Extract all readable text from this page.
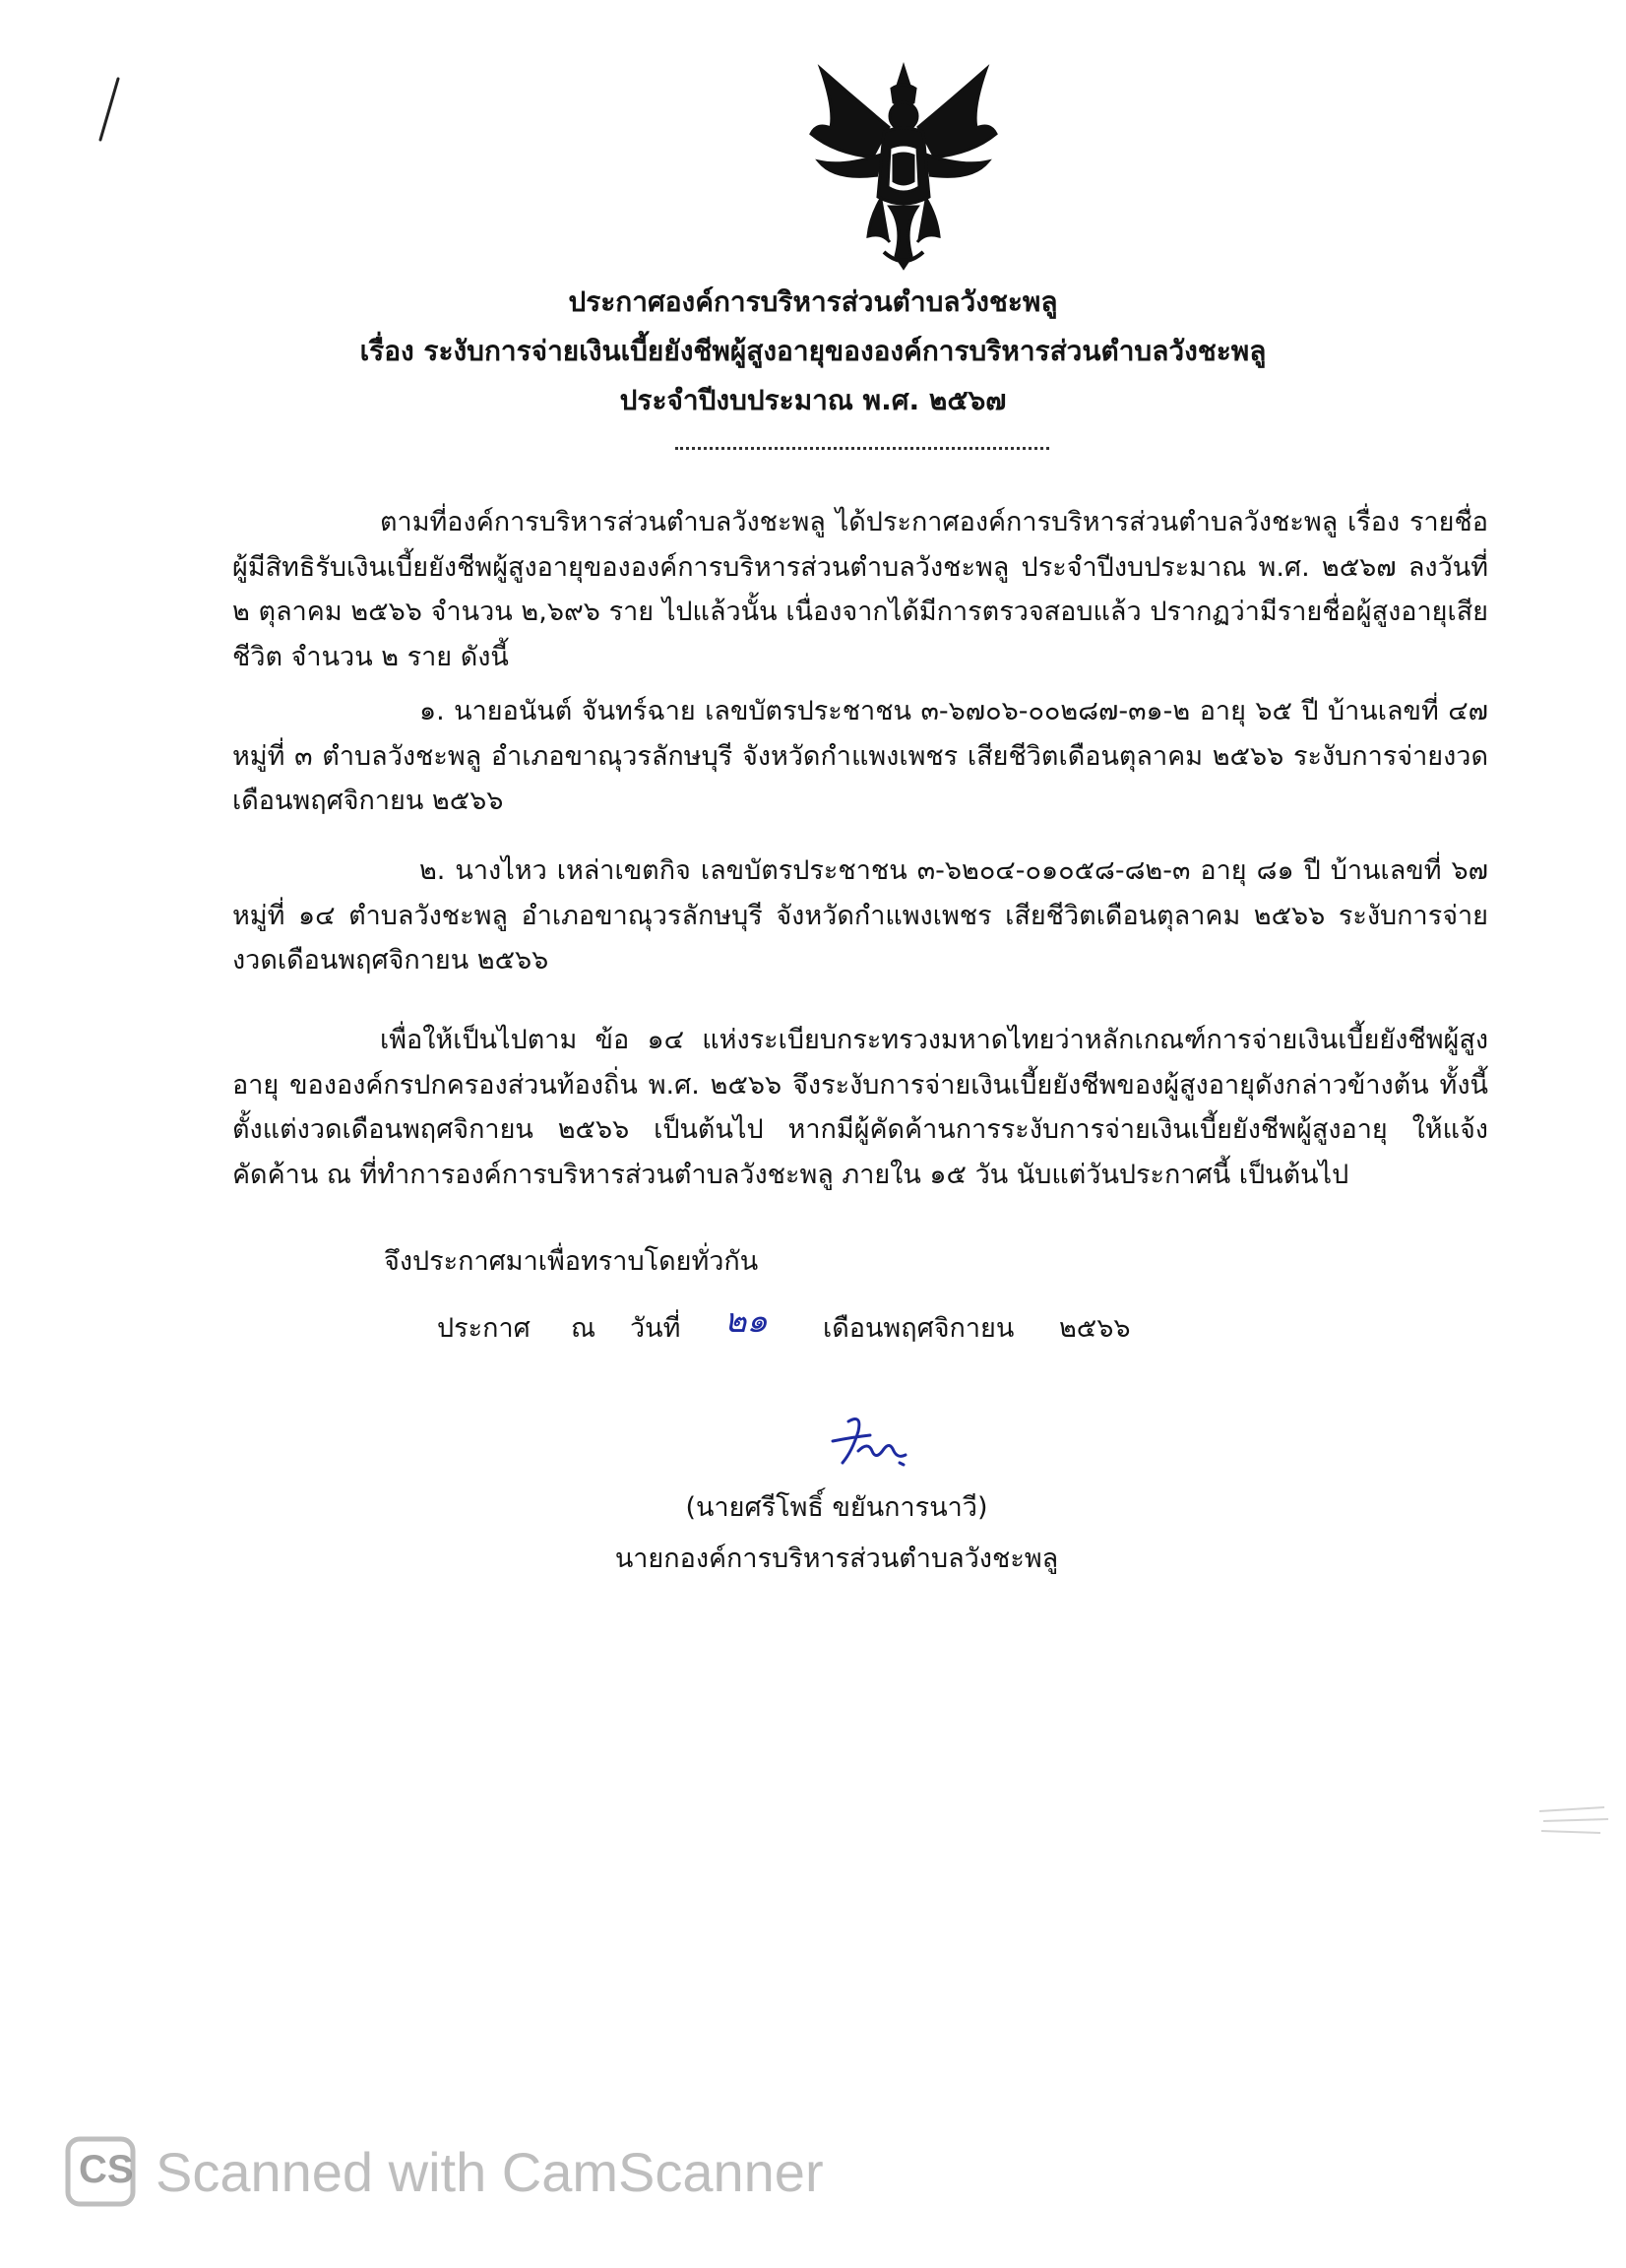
ประกาศองค์การบริหารส่วนตำบลวังชะพลู
เรื่อง ระงับการจ่ายเงินเบี้ยยังชีพผู้สูงอายุขององค์การบริหารส่วนตำบลวังชะพลู
ประจำปีงบประมาณ พ.ศ. ๒๕๖๗

ตามที่องค์การบริหารส่วนตำบลวังชะพลู ได้ประกาศองค์การบริหารส่วนตำบลวังชะพลู เรื่อง รายชื่อผู้มีสิทธิรับเงินเบี้ยยังชีพผู้สูงอายุขององค์การบริหารส่วนตำบลวังชะพลู ประจำปีงบประมาณ พ.ศ. ๒๕๖๗ ลงวันที่ ๒ ตุลาคม ๒๕๖๖ จำนวน ๒,๖๙๖ ราย ไปแล้วนั้น เนื่องจากได้มีการตรวจสอบแล้ว ปรากฏว่ามีรายชื่อผู้สูงอายุเสียชีวิต จำนวน ๒ ราย ดังนี้

๑. นายอนันต์ จันทร์ฉาย เลขบัตรประชาชน ๓-๖๗๐๖-๐๐๒๘๗-๓๑-๒ อายุ ๖๕ ปี บ้านเลขที่ ๔๗ หมู่ที่ ๓ ตำบลวังชะพลู อำเภอขาณุวรลักษบุรี จังหวัดกำแพงเพชร เสียชีวิตเดือนตุลาคม ๒๕๖๖ ระงับการจ่ายงวดเดือนพฤศจิกายน ๒๕๖๖

๒. นางไหว เหล่าเขตกิจ เลขบัตรประชาชน ๓-๖๒๐๔-๐๑๐๕๘-๘๒-๓ อายุ ๘๑ ปี บ้านเลขที่ ๖๗ หมู่ที่ ๑๔ ตำบลวังชะพลู อำเภอขาณุวรลักษบุรี จังหวัดกำแพงเพชร เสียชีวิตเดือนตุลาคม ๒๕๖๖ ระงับการจ่ายงวดเดือนพฤศจิกายน ๒๕๖๖

เพื่อให้เป็นไปตาม ข้อ ๑๔ แห่งระเบียบกระทรวงมหาดไทยว่าหลักเกณฑ์การจ่ายเงินเบี้ยยังชีพผู้สูงอายุ ขององค์กรปกครองส่วนท้องถิ่น พ.ศ. ๒๕๖๖ จึงระงับการจ่ายเงินเบี้ยยังชีพของผู้สูงอายุดังกล่าวข้างต้น ทั้งนี้ ตั้งแต่งวดเดือนพฤศจิกายน ๒๕๖๖ เป็นต้นไป หากมีผู้คัดค้านการระงับการจ่ายเงินเบี้ยยังชีพผู้สูงอายุ ให้แจ้งคัดค้าน ณ ที่ทำการองค์การบริหารส่วนตำบลวังชะพลู ภายใน ๑๕ วัน นับแต่วันประกาศนี้ เป็นต้นไป

จึงประกาศมาเพื่อทราบโดยทั่วกัน
ประกาศ ณ วันที่ ๒๑ เดือนพฤศจิกายน ๒๕๖๖
(นายศรีโพธิ์ ขยันการนาวี)
นายกองค์การบริหารส่วนตำบลวังชะพลู
Scanned with CamScanner
CS
